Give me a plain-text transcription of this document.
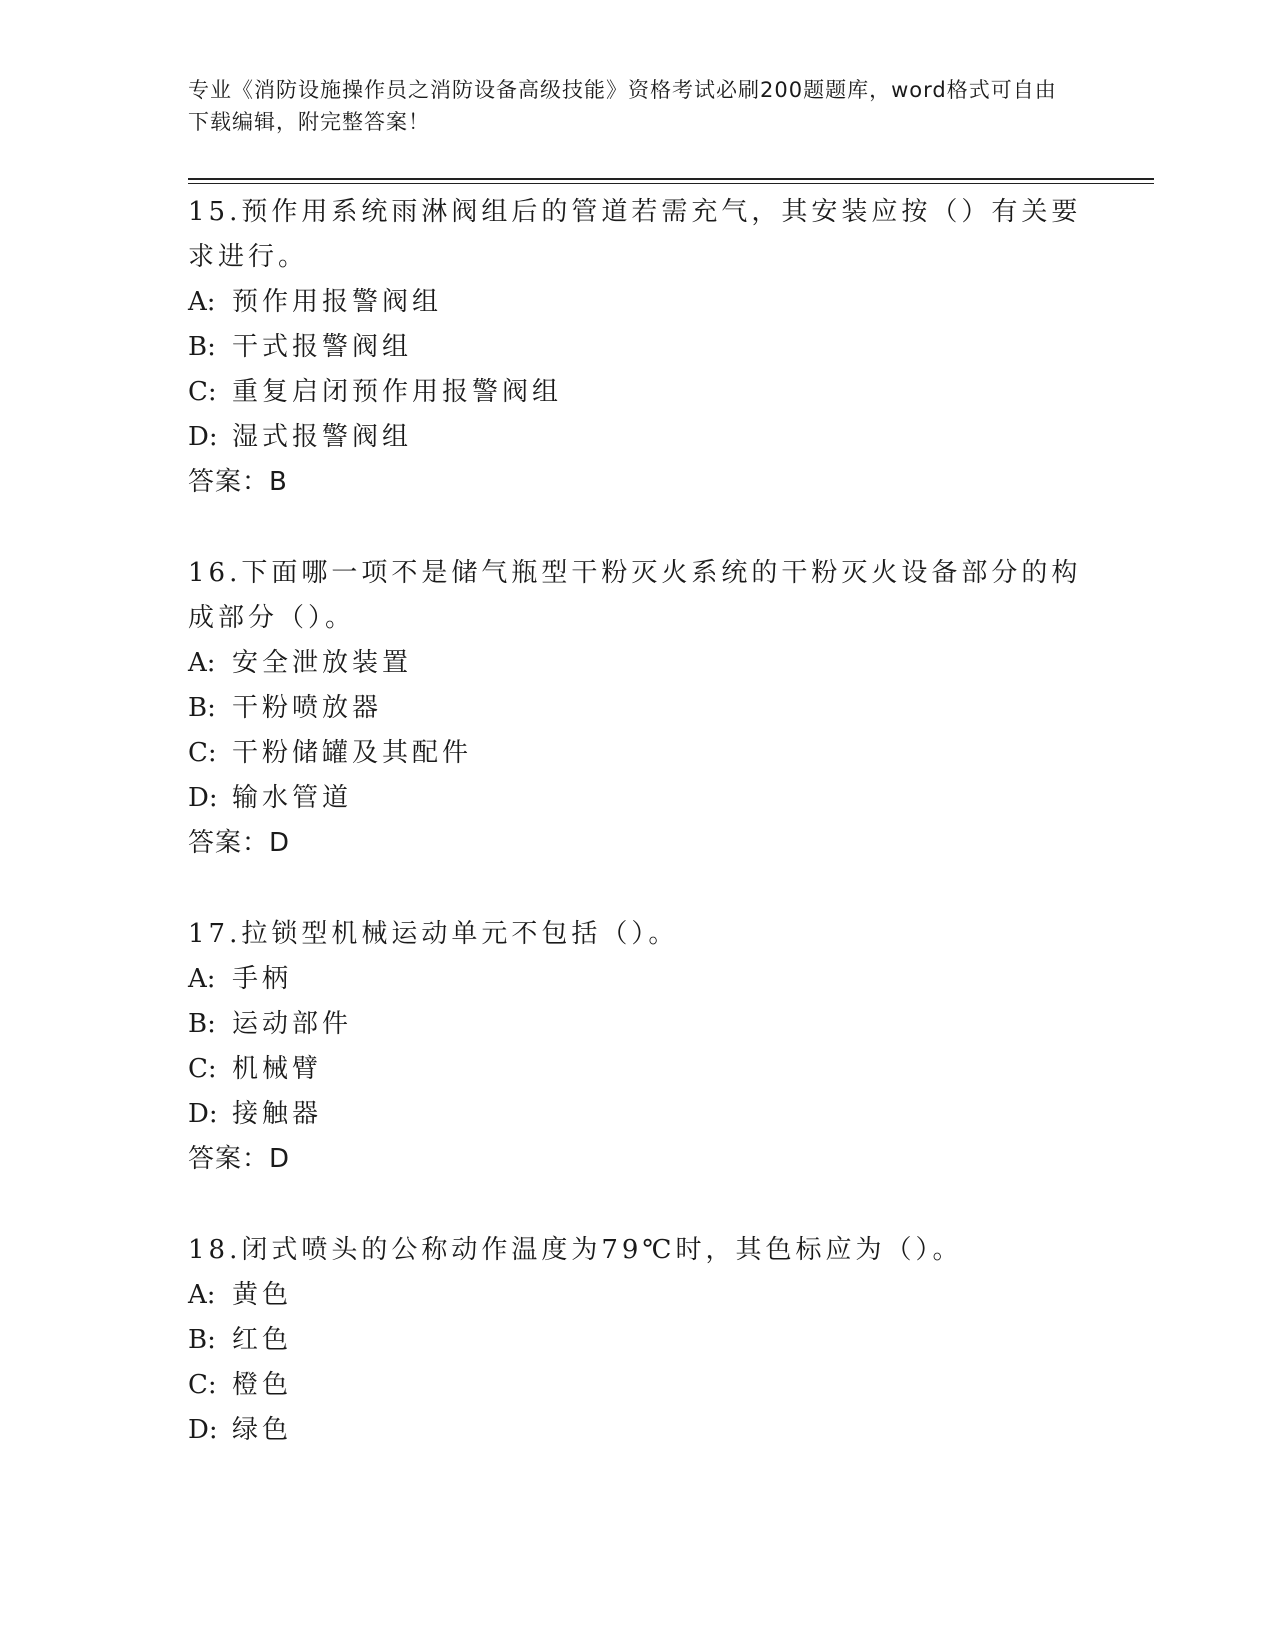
专业《消防设施操作员之消防设备高级技能》资格考试必刷200题题库，word格式可自由下载编辑，附完整答案！

15.预作用系统雨淋阀组后的管道若需充气，其安装应按（）有关要求进行。

A: 预作用报警阀组

B: 干式报警阀组

C: 重复启闭预作用报警阀组

D: 湿式报警阀组

答案：B

16.下面哪一项不是储气瓶型干粉灭火系统的干粉灭火设备部分的构成部分（）。

A: 安全泄放装置

B: 干粉喷放器

C: 干粉储罐及其配件

D: 输水管道

答案：D

17.拉锁型机械运动单元不包括（）。

A: 手柄

B: 运动部件

C: 机械臂

D: 接触器

答案：D

18.闭式喷头的公称动作温度为79℃时，其色标应为（）。

A: 黄色

B: 红色

C: 橙色

D: 绿色
